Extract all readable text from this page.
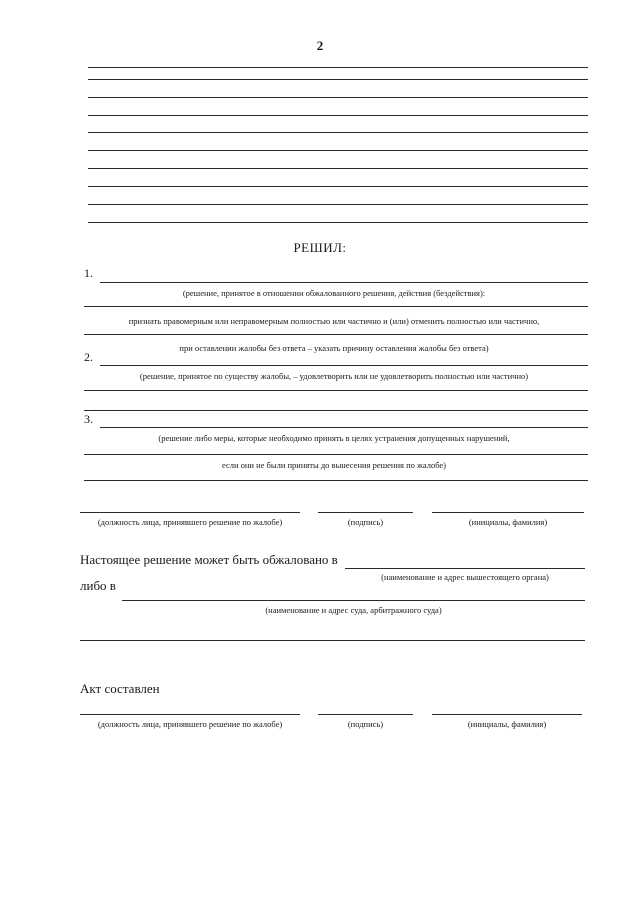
2
РЕШИЛ:
1.
(решение, принятое в отношении обжалованного решения, действия (бездействия):
признать правомерным или неправомерным полностью или частично и (или) отменить полностью или частично,
при оставлении жалобы без ответа – указать причину оставления жалобы без ответа)
2.
(решение, принятое по существу жалобы, – удовлетворить или не удовлетворить полностью или частично)
3.
(решение либо меры, которые необходимо принять в целях устранения допущенных нарушений,
если они не были приняты до вынесения решения по жалобе)
(должность лица, принявшего решение по жалобе)	(подпись)	(инициалы, фамилия)
Настоящее решение может быть обжаловано в
(наименование и адрес вышестоящего органа)
либо в
(наименование и адрес суда, арбитражного суда)
Акт составлен
(должность лица, принявшего решение по жалобе)	(подпись)	(инициалы, фамилия)
